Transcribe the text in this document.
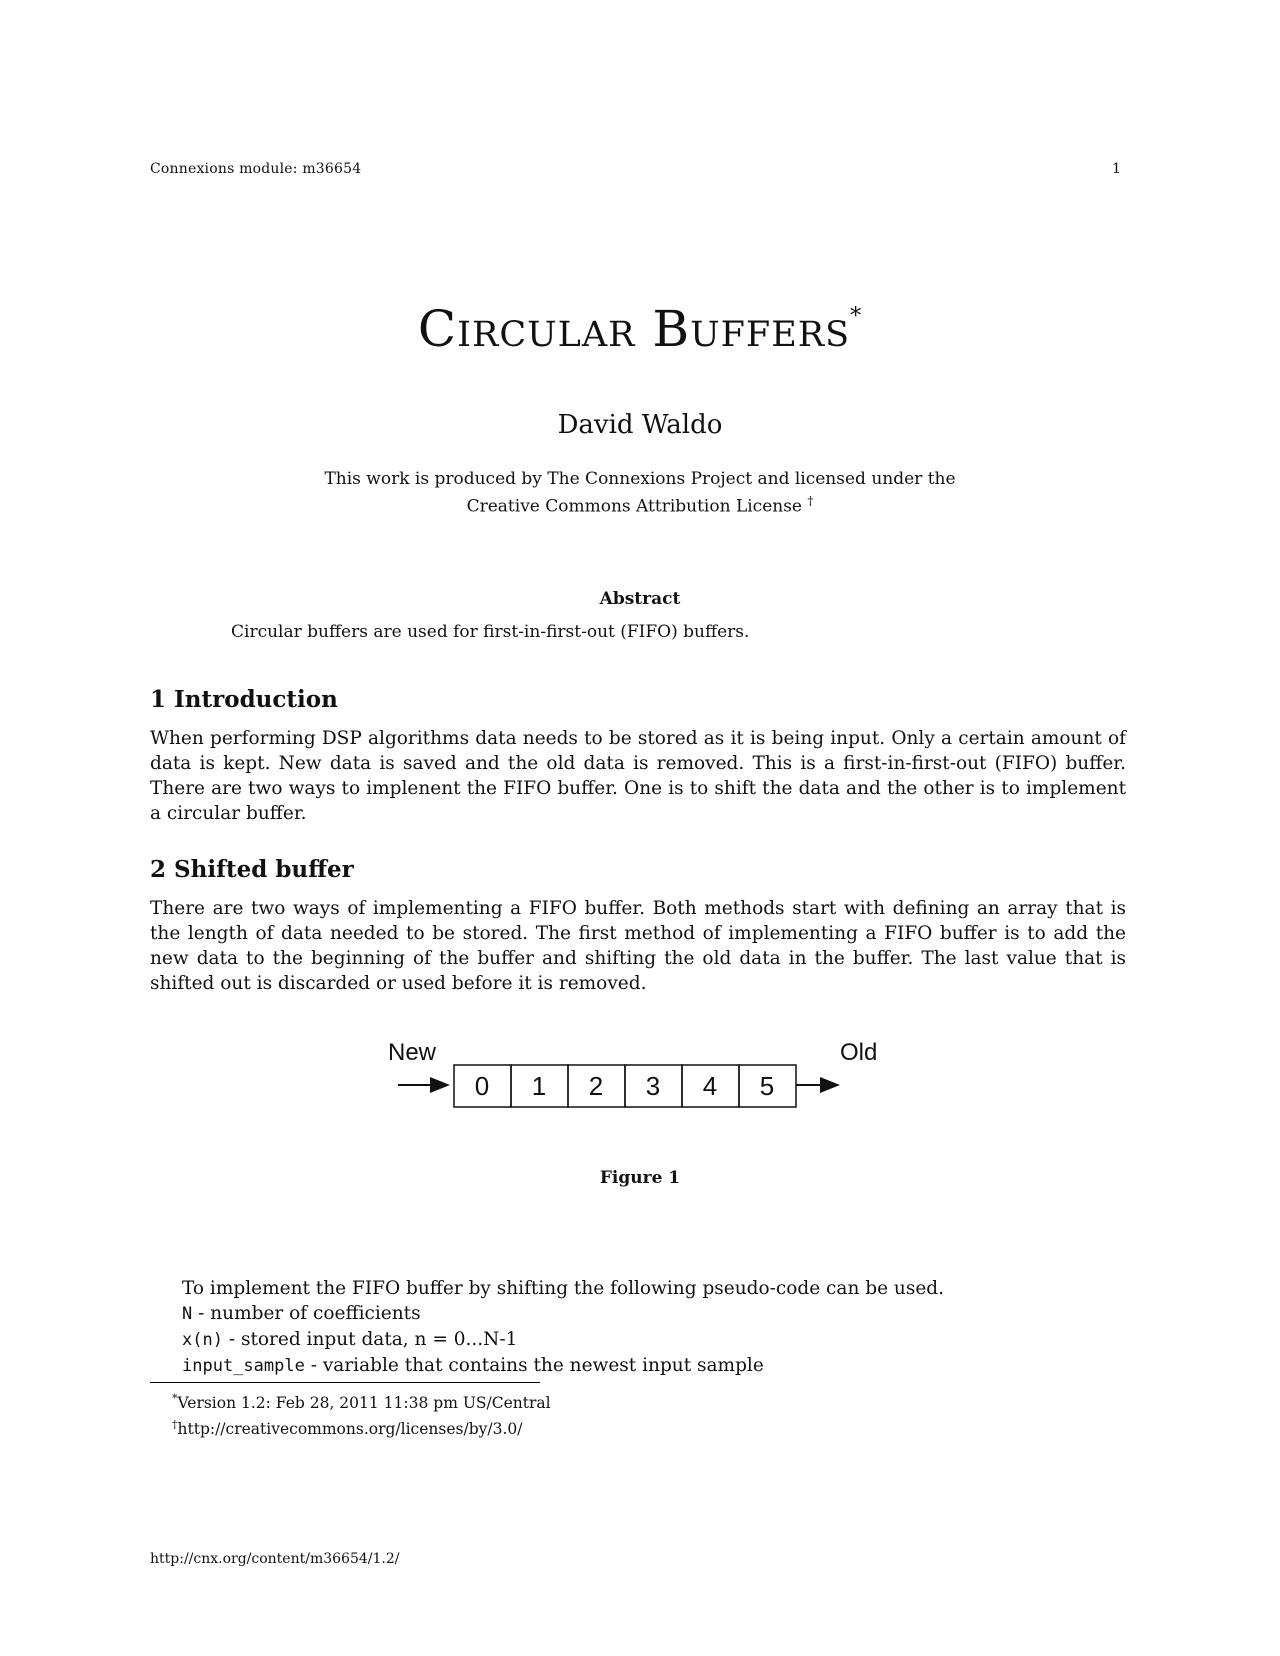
Connexions module: m36654	1
Circular Buffers*
David Waldo
This work is produced by The Connexions Project and licensed under the
Creative Commons Attribution License †
Abstract
Circular buffers are used for first-in-first-out (FIFO) buffers.
1 Introduction
When performing DSP algorithms data needs to be stored as it is being input. Only a certain amount of data is kept. New data is saved and the old data is removed. This is a first-in-first-out (FIFO) buffer. There are two ways to implenent the FIFO buffer. One is to shift the data and the other is to implement a circular buffer.
2 Shifted buffer
There are two ways of implementing a FIFO buffer. Both methods start with defining an array that is the length of data needed to be stored. The first method of implementing a FIFO buffer is to add the new data to the beginning of the buffer and shifting the old data in the buffer. The last value that is shifted out is discarded or used before it is removed.
New
0 1 2 3 4 5
Old
Figure 1
To implement the FIFO buffer by shifting the following pseudo-code can be used.
N - number of coefficients
x(n) - stored input data, n = 0...N-1
input_sample - variable that contains the newest input sample
*Version 1.2: Feb 28, 2011 11:38 pm US/Central
†http://creativecommons.org/licenses/by/3.0/
http://cnx.org/content/m36654/1.2/
